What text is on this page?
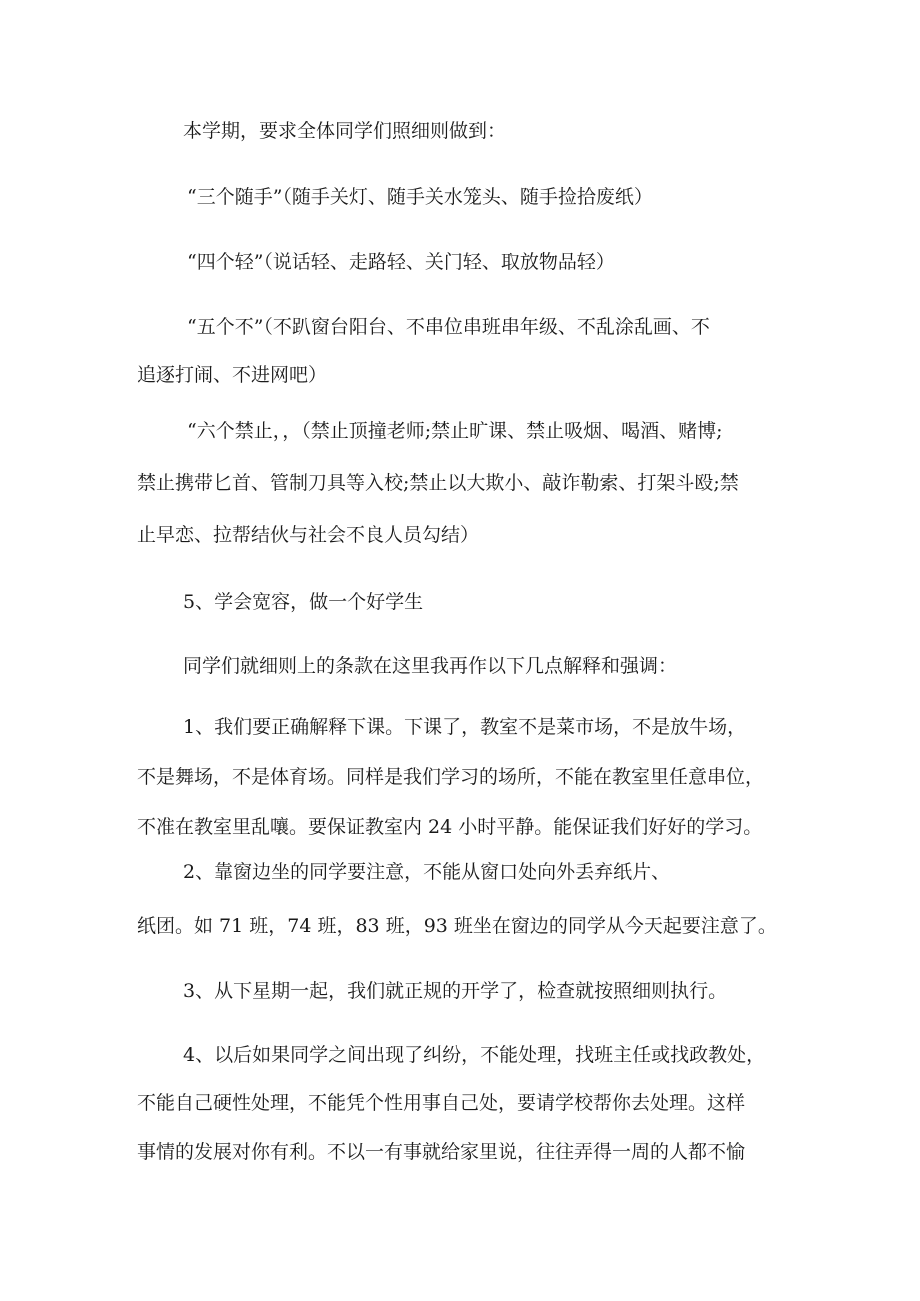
本学期，要求全体同学们照细则做到：
“三个随手”（随手关灯、随手关水笼头、随手捡拾废纸）
“四个轻”（说话轻、走路轻、关门轻、取放物品轻）
“五个不”（不趴窗台阳台、不串位串班串年级、不乱涂乱画、不
追逐打闹、不进网吧）
“六个禁止，，（禁止顶撞老师;禁止旷课、禁止吸烟、喝酒、赌博;
禁止携带匕首、管制刀具等入校;禁止以大欺小、敲诈勒索、打架斗殴;禁
止早恋、拉帮结伙与社会不良人员勾结）
5、学会宽容，做一个好学生
同学们就细则上的条款在这里我再作以下几点解释和强调：
1、我们要正确解释下课。下课了，教室不是菜市场，不是放牛场，
不是舞场，不是体育场。同样是我们学习的场所，不能在教室里任意串位，
不准在教室里乱嚷。要保证教室内 24 小时平静。能保证我们好好的学习。
2、靠窗边坐的同学要注意，不能从窗口处向外丢弃纸片、
纸团。如 71 班，74 班，83 班，93 班坐在窗边的同学从今天起要注意了。
3、从下星期一起，我们就正规的开学了，检查就按照细则执行。
4、以后如果同学之间出现了纠纷，不能处理，找班主任或找政教处，
不能自己硬性处理，不能凭个性用事自己处，要请学校帮你去处理。这样
事情的发展对你有利。不以一有事就给家里说，往往弄得一周的人都不愉
